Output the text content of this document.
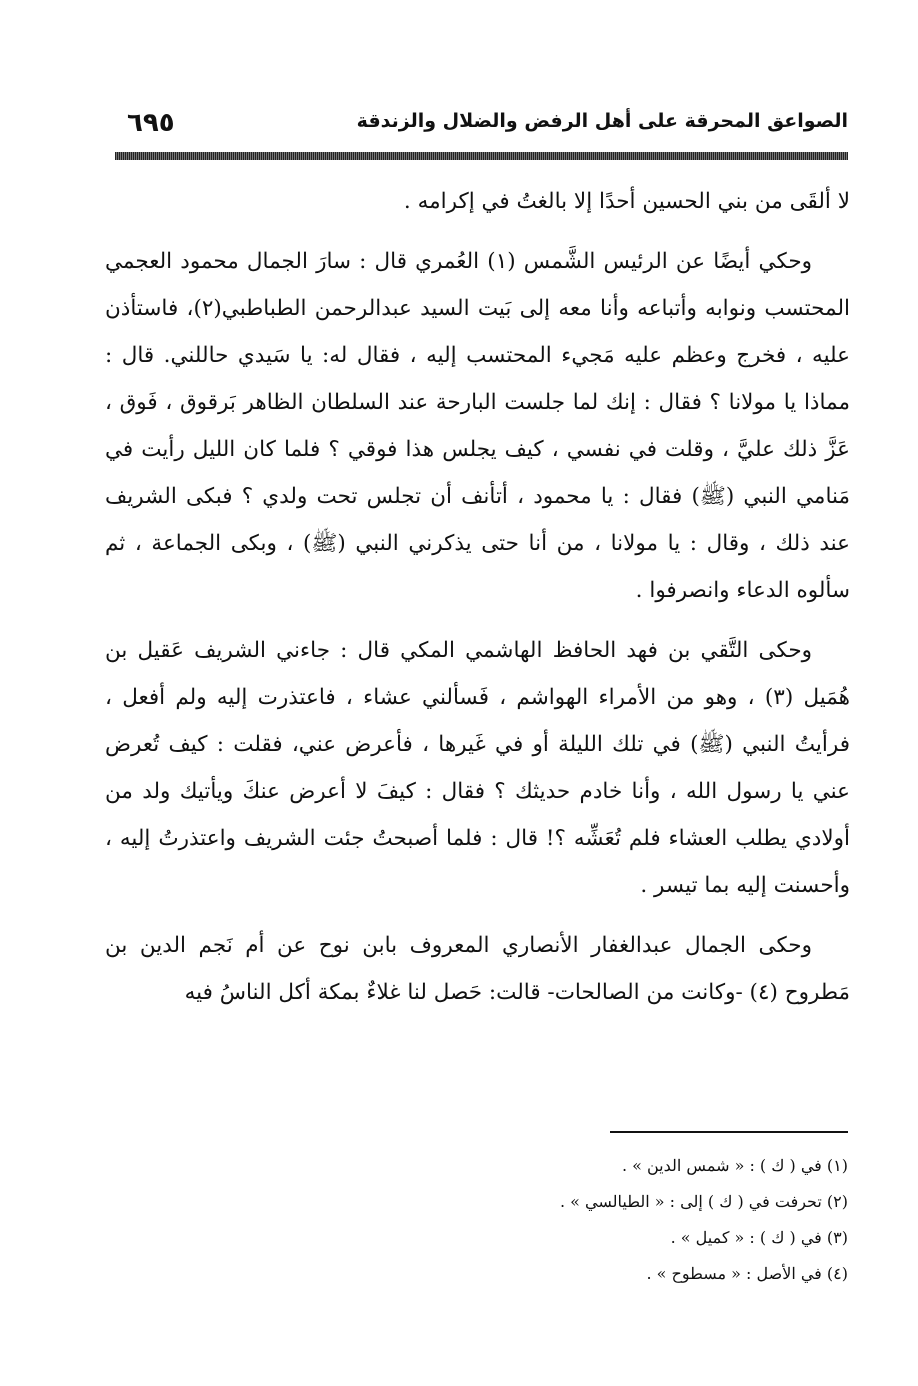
٦٩٥	الصواعق المحرقة على أهل الرفض والضلال والزندقة

لا ألقَى من بني الحسين أحدًا إلا بالغتُ في إكرامه .

وحكي أيضًا عن الرئيس الشَّمس (١) العُمري قال : سارَ الجمال محمود العجمي المحتسب ونوابه وأتباعه وأنا معه إلى بَيت السيد عبدالرحمن الطباطبي(٢)، فاستأذن عليه ، فخرج وعظم عليه مَجيء المحتسب إليه ، فقال له: يا سَيدي حاللني. قال : مماذا يا مولانا ؟ فقال : إنك لما جلست البارحة عند السلطان الظاهر بَرقوق ، فَوق ، عَزَّ ذلك عليَّ ، وقلت في نفسي ، كيف يجلس هذا فوقي ؟ فلما كان الليل رأيت في مَنامي النبي (ﷺ) فقال : يا محمود ، أتأنف أن تجلس تحت ولدي ؟ فبكى الشريف عند ذلك ، وقال : يا مولانا ، من أنا حتى يذكرني النبي (ﷺ) ، وبكى الجماعة ، ثم سألوه الدعاء وانصرفوا .

وحكى التَّقي بن فهد الحافظ الهاشمي المكي قال : جاءني الشريف عَقيل بن هُمَيل (٣) ، وهو من الأمراء الهواشم ، فَسألني عشاء ، فاعتذرت إليه ولم أفعل ، فرأيتُ النبي (ﷺ) في تلك الليلة أو في غَيرها ، فأعرض عني، فقلت : كيف تُعرض عني يا رسول الله ، وأنا خادم حديثك ؟ فقال : كيفَ لا أعرض عنكَ ويأتيك ولد من أولادي يطلب العشاء فلم تُعَشِّه ؟! قال : فلما أصبحتُ جئت الشريف واعتذرتُ إليه ، وأحسنت إليه بما تيسر .

وحكى الجمال عبدالغفار الأنصاري المعروف بابن نوح عن أم نَجم الدين بن مَطروح (٤) -وكانت من الصالحات- قالت: حَصل لنا غلاءٌ بمكة أكل الناسُ فيه

(١) في ( ك ) : « شمس الدين » .
(٢) تحرفت في ( ك ) إلى : « الطيالسي » .
(٣) في ( ك ) : « كميل » .
(٤) في الأصل : « مسطوح » .
